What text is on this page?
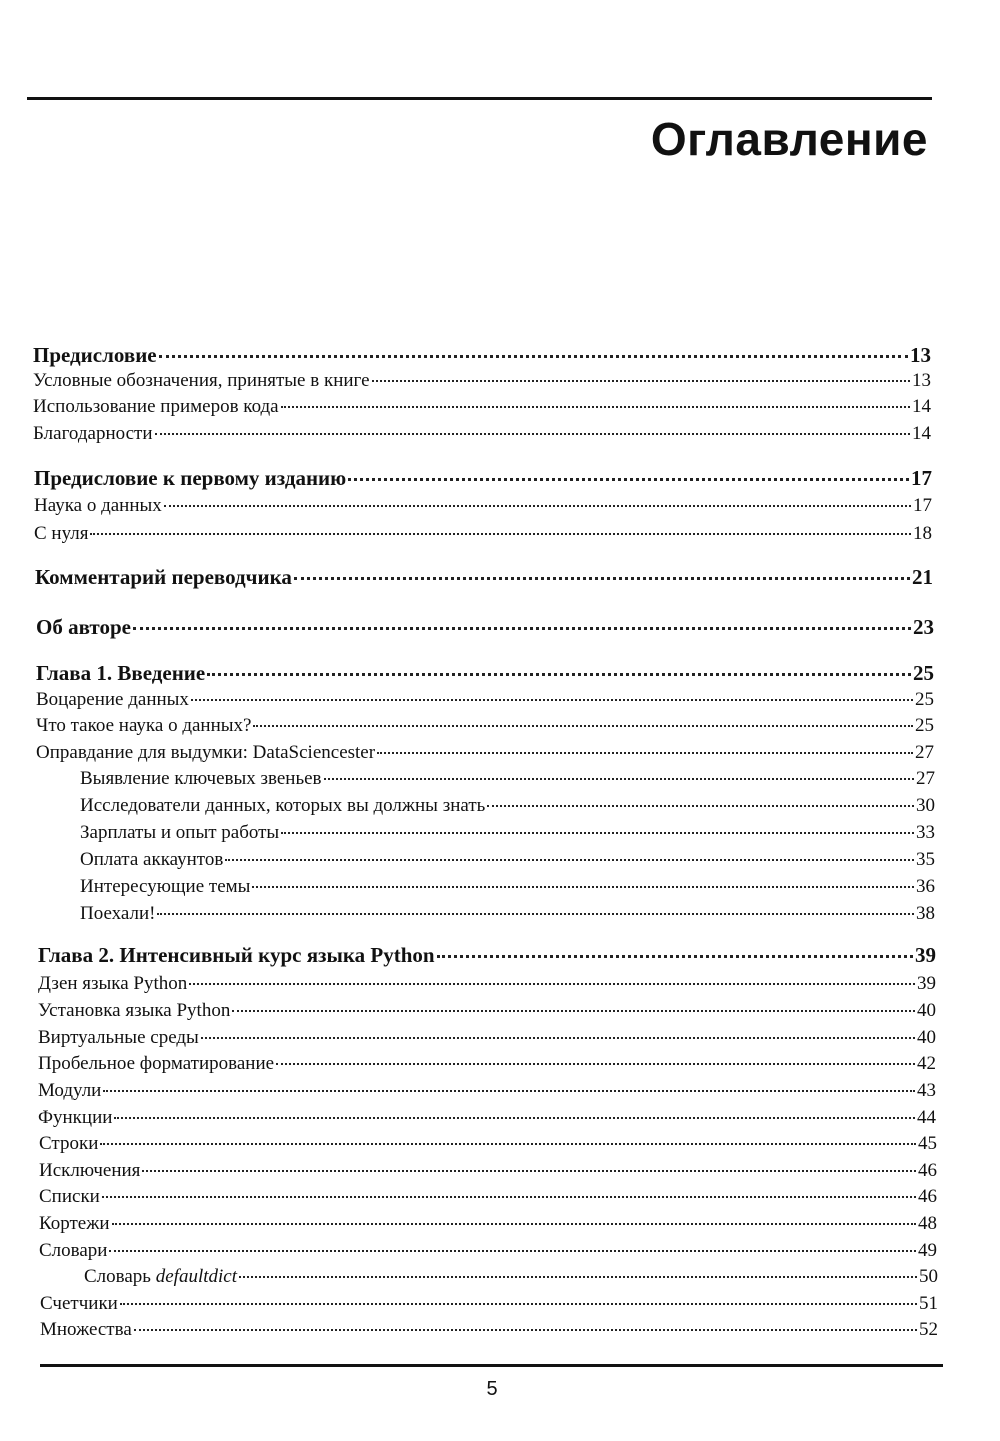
Оглавление
Предисловие	13
Условные обозначения, принятые в книге	13
Использование примеров кода	14
Благодарности	14
Предисловие к первому изданию	17
Наука о данных	17
С нуля	18
Комментарий переводчика	21
Об авторе	23
Глава 1. Введение	25
Воцарение данных	25
Что такое наука о данных?	25
Оправдание для выдумки: DataSciencester	27
Выявление ключевых звеньев	27
Исследователи данных, которых вы должны знать	30
Зарплаты и опыт работы	33
Оплата аккаунтов	35
Интересующие темы	36
Поехали!	38
Глава 2. Интенсивный курс языка Python	39
Дзен языка Python	39
Установка языка Python	40
Виртуальные среды	40
Пробельное форматирование	42
Модули	43
Функции	44
Строки	45
Исключения	46
Списки	46
Кортежи	48
Словари	49
Словарь defaultdict	50
Счетчики	51
Множества	52
5
